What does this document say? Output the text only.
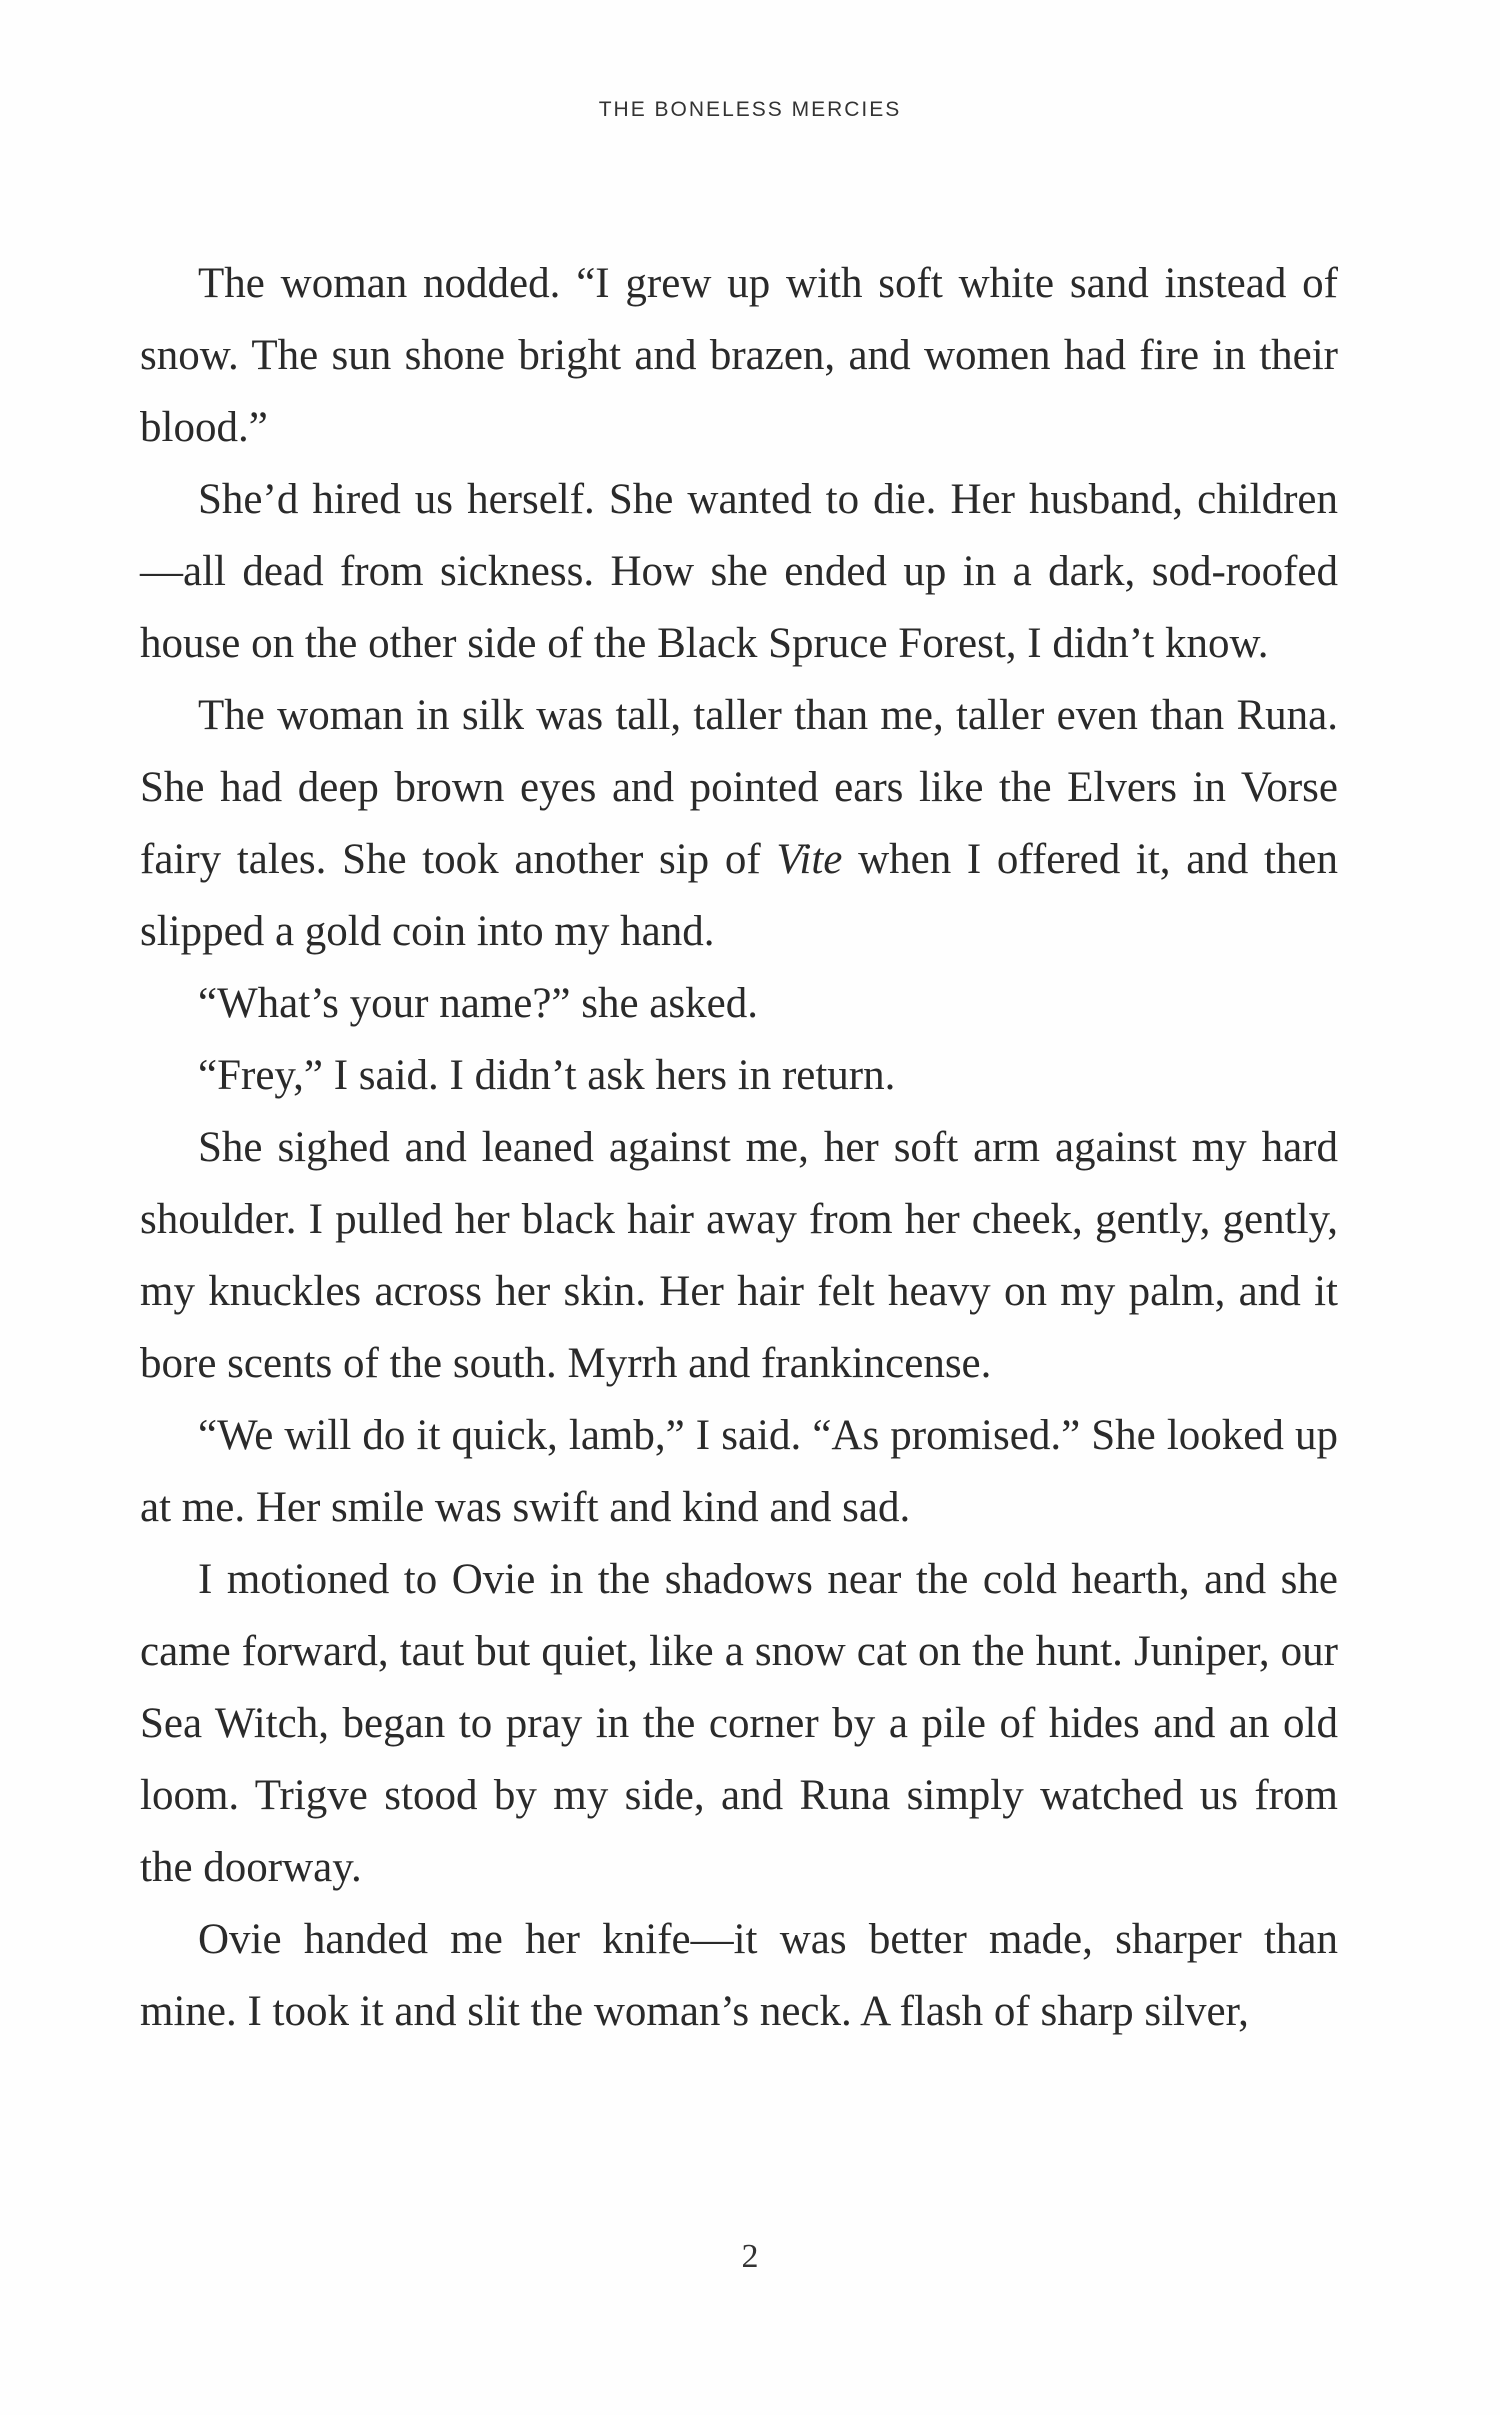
THE BONELESS MERCIES

The woman nodded. “I grew up with soft white sand instead of snow. The sun shone bright and brazen, and women had fire in their blood.”

She’d hired us herself. She wanted to die. Her husband, children—all dead from sickness. How she ended up in a dark, sod-roofed house on the other side of the Black Spruce Forest, I didn’t know.

The woman in silk was tall, taller than me, taller even than Runa. She had deep brown eyes and pointed ears like the Elvers in Vorse fairy tales. She took another sip of Vite when I offered it, and then slipped a gold coin into my hand.

“What’s your name?” she asked.

“Frey,” I said. I didn’t ask hers in return.

She sighed and leaned against me, her soft arm against my hard shoulder. I pulled her black hair away from her cheek, gently, gently, my knuckles across her skin. Her hair felt heavy on my palm, and it bore scents of the south. Myrrh and frankincense.

“We will do it quick, lamb,” I said. “As promised.” She looked up at me. Her smile was swift and kind and sad.

I motioned to Ovie in the shadows near the cold hearth, and she came forward, taut but quiet, like a snow cat on the hunt. Juniper, our Sea Witch, began to pray in the corner by a pile of hides and an old loom. Trigve stood by my side, and Runa simply watched us from the doorway.

Ovie handed me her knife—it was better made, sharper than mine. I took it and slit the woman’s neck. A flash of sharp silver,

2
